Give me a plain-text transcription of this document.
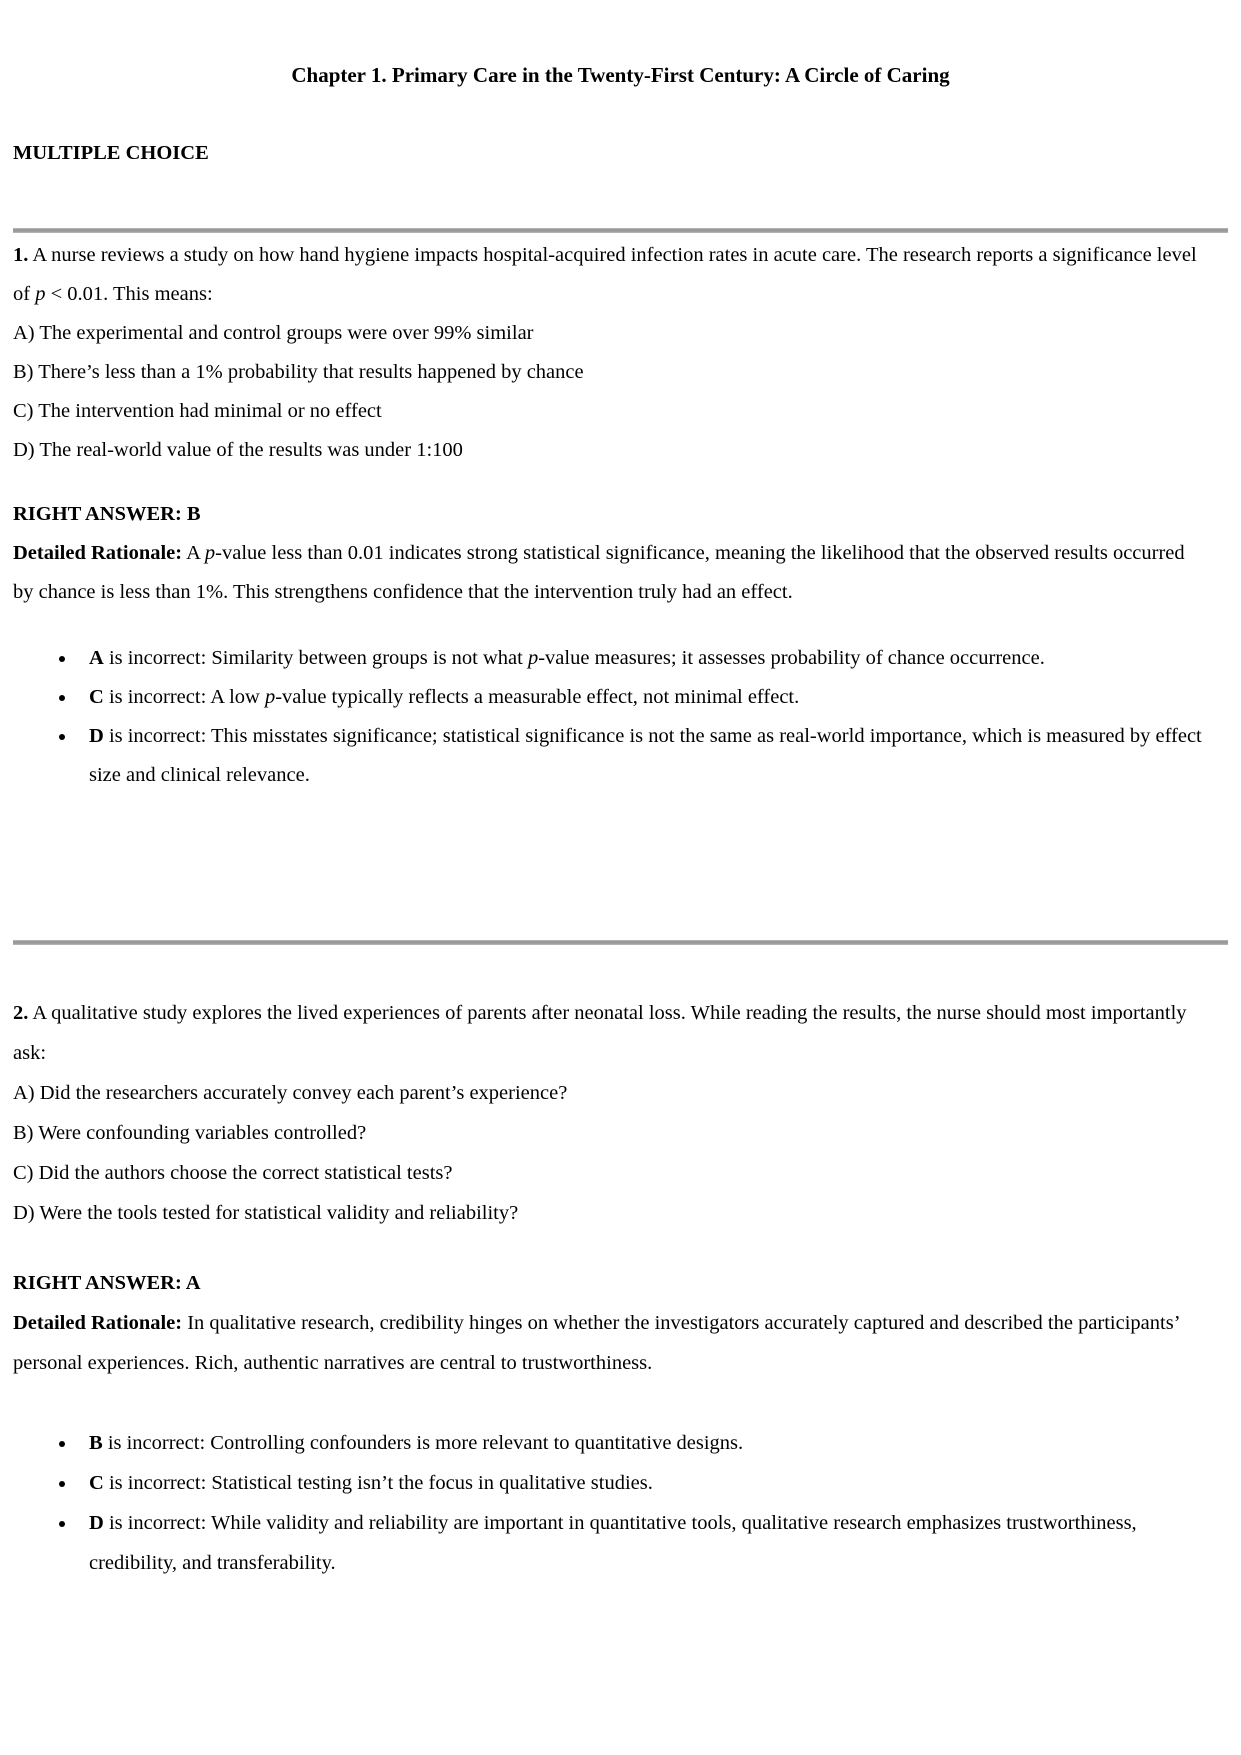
Chapter 1. Primary Care in the Twenty-First Century: A Circle of Caring
MULTIPLE CHOICE

1. A nurse reviews a study on how hand hygiene impacts hospital-acquired infection rates in acute care. The research reports a significance level of p < 0.01. This means:

A) The experimental and control groups were over 99% similar

B) There’s less than a 1% probability that results happened by chance

C) The intervention had minimal or no effect

D) The real-world value of the results was under 1:100

RIGHT ANSWER: B

Detailed Rationale: A p-value less than 0.01 indicates strong statistical significance, meaning the likelihood that the observed results occurred by chance is less than 1%. This strengthens confidence that the intervention truly had an effect.

• A is incorrect: Similarity between groups is not what p-value measures; it assesses probability of chance occurrence.
• C is incorrect: A low p-value typically reflects a measurable effect, not minimal effect.
• D is incorrect: This misstates significance; statistical significance is not the same as real-world importance, which is measured by effect size and clinical relevance.

2. A qualitative study explores the lived experiences of parents after neonatal loss. While reading the results, the nurse should most importantly ask:

A) Did the researchers accurately convey each parent’s experience?

B) Were confounding variables controlled?

C) Did the authors choose the correct statistical tests?

D) Were the tools tested for statistical validity and reliability?

RIGHT ANSWER: A

Detailed Rationale: In qualitative research, credibility hinges on whether the investigators accurately captured and described the participants’ personal experiences. Rich, authentic narratives are central to trustworthiness.

• B is incorrect: Controlling confounders is more relevant to quantitative designs.
• C is incorrect: Statistical testing isn’t the focus in qualitative studies.
• D is incorrect: While validity and reliability are important in quantitative tools, qualitative research emphasizes trustworthiness, credibility, and transferability.
